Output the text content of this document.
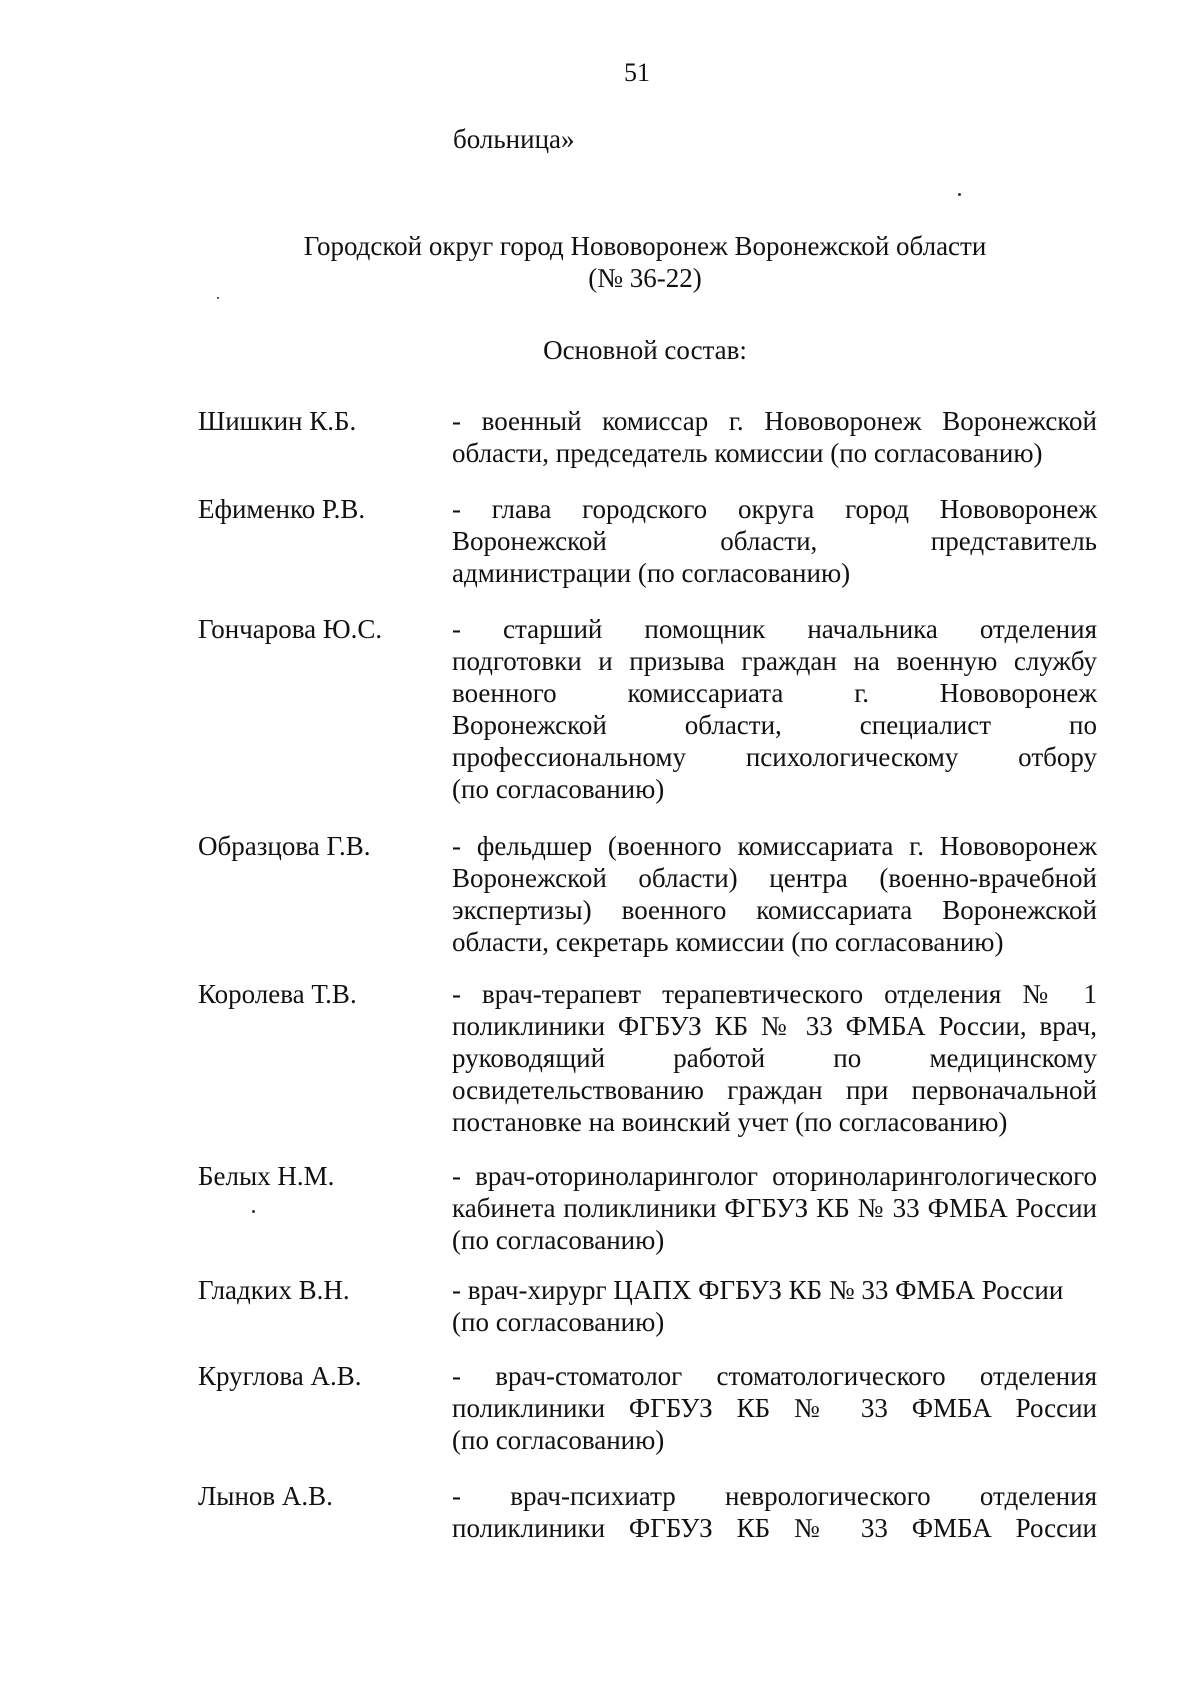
51
больница»
Городской округ город Нововоронеж Воронежской области
(№ 36-22)
Основной состав:
Шишкин К.Б.	- военный комиссар г. Нововоронеж Воронежской
области, председатель комиссии (по согласованию)
Ефименко Р.В.	- глава городского округа город Нововоронеж
Воронежской области, представитель
администрации (по согласованию)
Гончарова Ю.С.	- старший помощник начальника отделения
подготовки и призыва граждан на военную службу
военного комиссариата г. Нововоронеж
Воронежской области, специалист по
профессиональному психологическому отбору
(по согласованию)
Образцова Г.В.	- фельдшер (военного комиссариата г. Нововоронеж
Воронежской области) центра (военно-врачебной
экспертизы) военного комиссариата Воронежской
области, секретарь комиссии (по согласованию)
Королева Т.В.	- врач-терапевт терапевтического отделения № 1
поликлиники ФГБУЗ КБ № 33 ФМБА России, врач,
руководящий работой по медицинскому
освидетельствованию граждан при первоначальной
постановке на воинский учет (по согласованию)
Белых Н.М.	- врач-оториноларинголог оториноларингологического
кабинета поликлиники ФГБУЗ КБ № 33 ФМБА России
(по согласованию)
Гладких В.Н.	- врач-хирург ЦАПХ ФГБУЗ КБ № 33 ФМБА России
(по согласованию)
Круглова А.В.	- врач-стоматолог стоматологического отделения
поликлиники ФГБУЗ КБ № 33 ФМБА России
(по согласованию)
Лынов А.В.	- врач-психиатр неврологического отделения
поликлиники ФГБУЗ КБ № 33 ФМБА России
